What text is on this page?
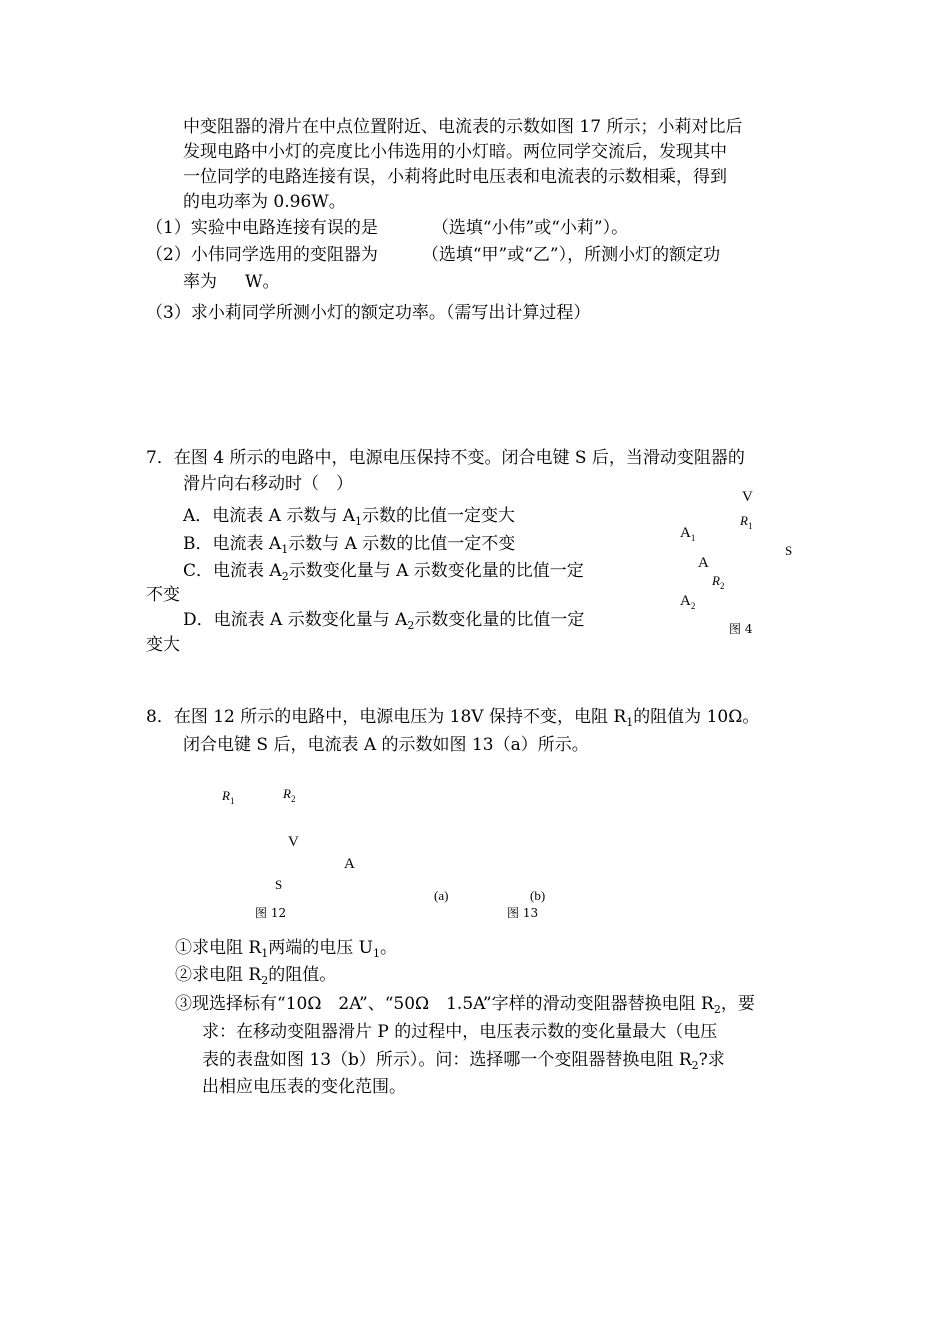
中变阻器的滑片在中点位置附近、电流表的示数如图 17 所示；小莉对比后
发现电路中小灯的亮度比小伟选用的小灯暗。两位同学交流后，发现其中
一位同学的电路连接有误，小莉将此时电压表和电流表的示数相乘，得到
的电功率为 0.96W。
（1）实验中电路连接有误的是	（选填“小伟”或“小莉”）。
（2）小伟同学选用的变阻器为	（选填“甲”或“乙”），所测小灯的额定功
率为 W。
（3）求小莉同学所测小灯的额定功率。（需写出计算过程）
7．在图 4 所示的电路中，电源电压保持不变。闭合电键 S 后，当滑动变阻器的
滑片向右移动时（　）
A．电流表 A 示数与 $A_1$示数的比值一定变大
B．电流表 $A_1$示数与 A 示数的比值一定不变
C．电流表 $A_2$示数变化量与 A 示数变化量的比值一定
不变
D．电流表 A 示数变化量与 $A_2$示数变化量的比值一定
变大
V
$R_1$
$A_1$
S
A
$R_2$
$A_2$
图 4
8．在图 12 所示的电路中，电源电压为 18V 保持不变，电阻 $R_1$的阻值为 10Ω。
闭合电键 S 后，电流表 A 的示数如图 13（a）所示。
$R_1$	$R_2$
V
A
S
(a)	(b)
图 12	图 13
①求电阻 $R_1$两端的电压 $U_1$。
②求电阻 $R_2$的阻值。
③现选择标有“10Ω　2A”、“50Ω　1.5A”字样的滑动变阻器替换电阻 $R_2$，要
求：在移动变阻器滑片 P 的过程中，电压表示数的变化量最大（电压
表的表盘如图 13（b）所示）。问：选择哪一个变阻器替换电阻 $R_2$?求
出相应电压表的变化范围。
